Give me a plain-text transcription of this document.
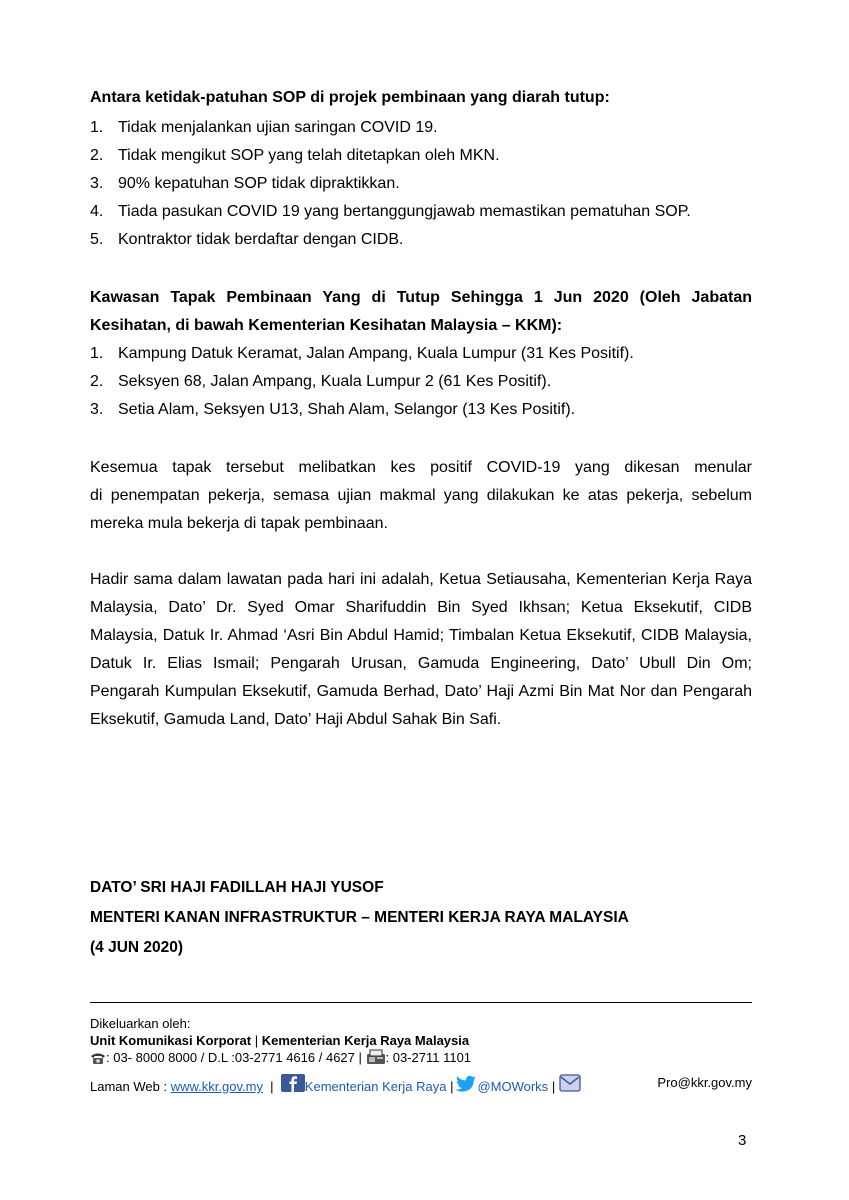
Antara ketidak-patuhan SOP di projek pembinaan yang diarah tutup:
1. Tidak menjalankan ujian saringan COVID 19.
2. Tidak mengikut SOP yang telah ditetapkan oleh MKN.
3. 90% kepatuhan SOP tidak dipraktikkan.
4. Tiada pasukan COVID 19 yang bertanggungjawab memastikan pematuhan SOP.
5. Kontraktor tidak berdaftar dengan CIDB.
Kawasan Tapak Pembinaan Yang di Tutup Sehingga 1 Jun 2020 (Oleh Jabatan
Kesihatan, di bawah Kementerian Kesihatan Malaysia – KKM):
1. Kampung Datuk Keramat, Jalan Ampang, Kuala Lumpur (31 Kes Positif).
2. Seksyen 68, Jalan Ampang, Kuala Lumpur 2 (61 Kes Positif).
3. Setia Alam, Seksyen U13, Shah Alam, Selangor (13 Kes Positif).
Kesemua tapak tersebut melibatkan kes positif COVID-19 yang dikesan menular
di penempatan pekerja, semasa ujian makmal yang dilakukan ke atas pekerja, sebelum
mereka mula bekerja di tapak pembinaan.
Hadir sama dalam lawatan pada hari ini adalah, Ketua Setiausaha, Kementerian Kerja Raya
Malaysia, Dato’ Dr. Syed Omar Sharifuddin Bin Syed Ikhsan; Ketua Eksekutif, CIDB
Malaysia, Datuk Ir. Ahmad ‘Asri Bin Abdul Hamid; Timbalan Ketua Eksekutif, CIDB Malaysia,
Datuk Ir. Elias Ismail; Pengarah Urusan, Gamuda Engineering, Dato’ Ubull Din Om;
Pengarah Kumpulan Eksekutif, Gamuda Berhad, Dato’ Haji Azmi Bin Mat Nor dan Pengarah
Eksekutif, Gamuda Land, Dato’ Haji Abdul Sahak Bin Safi.
DATO’ SRI HAJI FADILLAH HAJI YUSOF
MENTERI KANAN INFRASTRUKTUR – MENTERI KERJA RAYA MALAYSIA
(4 JUN 2020)
Dikeluarkan oleh:
Unit Komunikasi Korporat | Kementerian Kerja Raya Malaysia
: 03- 8000 8000 / D.L :03-2771 4616 / 4627 | : 03-2711 1101
Laman Web : www.kkr.gov.my | Kementerian Kerja Raya | @MOWorks |	Pro@kkr.gov.my
3
